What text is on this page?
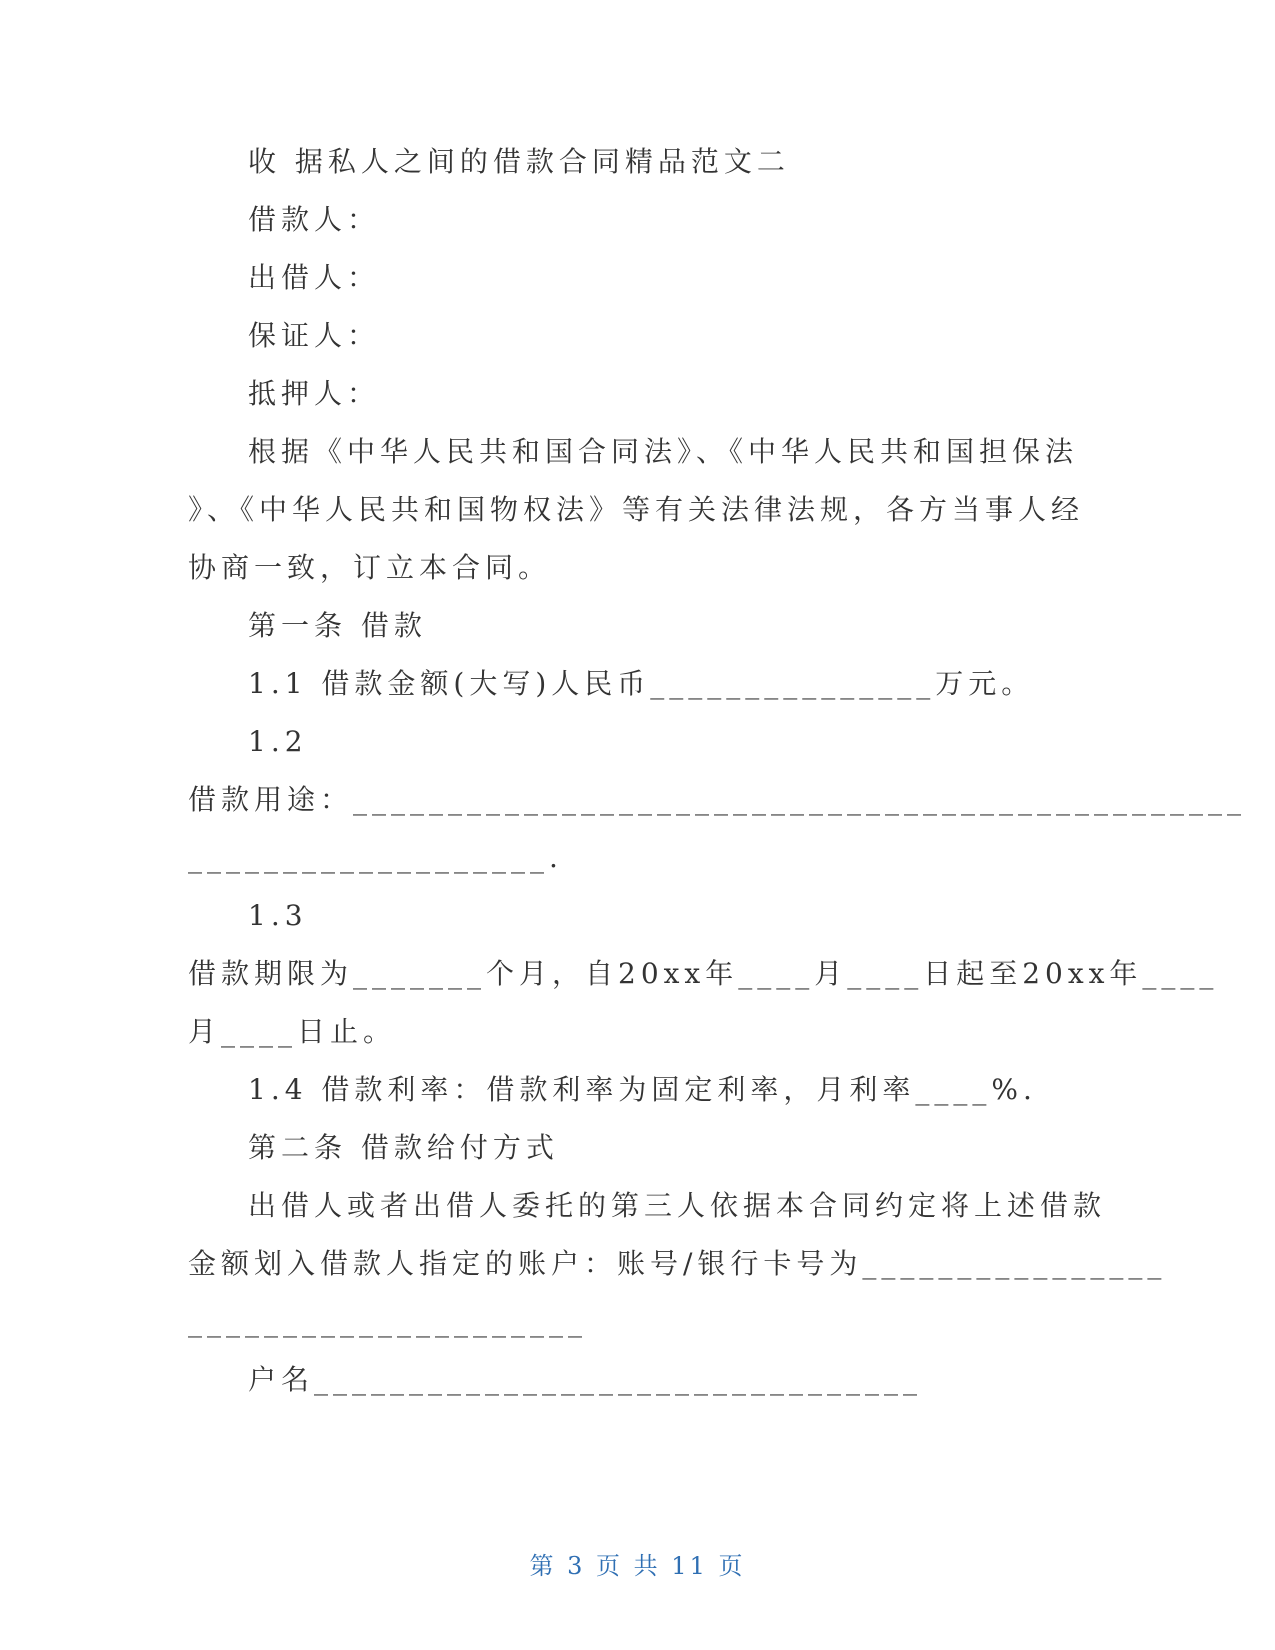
收 据私人之间的借款合同精品范文二
借款人：
出借人：
保证人：
抵押人：
根据《中华人民共和国合同法》、《中华人民共和国担保法
》、《中华人民共和国物权法》等有关法律法规，各方当事人经
协商一致，订立本合同。
第一条 借款
1.1 借款金额(大写)人民币_______________万元。
1.2
借款用途：_______________________________________________
___________________.
1.3
借款期限为_______个月，自20xx年____月____日起至20xx年____
月____日止。
1.4 借款利率：借款利率为固定利率，月利率____%.
第二条 借款给付方式
出借人或者出借人委托的第三人依据本合同约定将上述借款
金额划入借款人指定的账户：账号/银行卡号为________________
_____________________
户名________________________________
第 3 页 共 11 页
